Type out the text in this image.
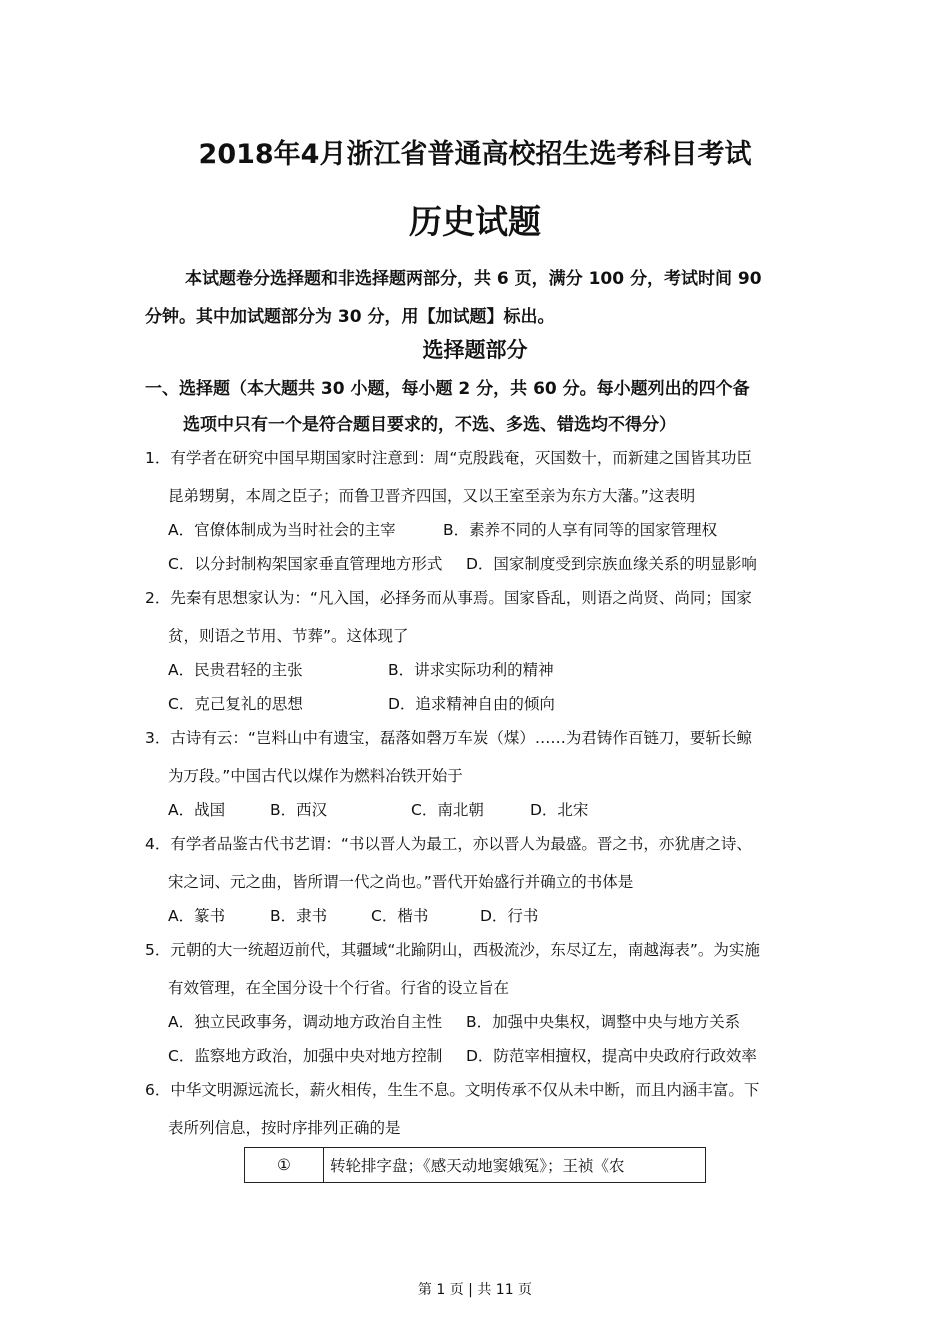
2018年4月浙江省普通高校招生选考科目考试
历史试题
本试题卷分选择题和非选择题两部分，共 6 页，满分 100 分，考试时间 90
分钟。其中加试题部分为 30 分，用【加试题】标出。
选择题部分
一、选择题（本大题共 30 小题，每小题 2 分，共 60 分。每小题列出的四个备
选项中只有一个是符合题目要求的，不选、多选、错选均不得分）
1．有学者在研究中国早期国家时注意到：周“克殷践奄，灭国数十，而新建之国皆其功臣
昆弟甥舅，本周之臣子；而鲁卫晋齐四国，又以王室至亲为东方大藩。”这表明
A．官僚体制成为当时社会的主宰	B．素养不同的人享有同等的国家管理权
C．以分封制构架国家垂直管理地方形式 D．国家制度受到宗族血缘关系的明显影响
2．先秦有思想家认为：“凡入国，必择务而从事焉。国家昏乱，则语之尚贤、尚同；国家
贫，则语之节用、节葬”。这体现了
A．民贵君轻的主张	B．讲求实际功利的精神
C．克己复礼的思想	D．追求精神自由的倾向
3．古诗有云：“岂料山中有遗宝，磊落如磬万车炭（煤）……为君铸作百链刀，要斩长鲸
为万段。”中国古代以煤作为燃料冶铁开始于
A．战国	B．西汉	C．南北朝	D．北宋
4．有学者品鉴古代书艺谓：“书以晋人为最工，亦以晋人为最盛。晋之书，亦犹唐之诗、
宋之词、元之曲，皆所谓一代之尚也。”晋代开始盛行并确立的书体是
A．篆书	B．隶书	C．楷书	D．行书
5．元朝的大一统超迈前代，其疆域“北踰阴山，西极流沙，东尽辽左，南越海表”。为实施
有效管理，在全国分设十个行省。行省的设立旨在
A．独立民政事务，调动地方政治自主性 B．加强中央集权，调整中央与地方关系
C．监察地方政治，加强中央对地方控制 D．防范宰相擅权，提高中央政府行政效率
6．中华文明源远流长，薪火相传，生生不息。文明传承不仅从未中断，而且内涵丰富。下
表所列信息，按时序排列正确的是
①	转轮排字盘；《感天动地窦娥冤》；王祯《农
第 1 页 | 共 11 页
